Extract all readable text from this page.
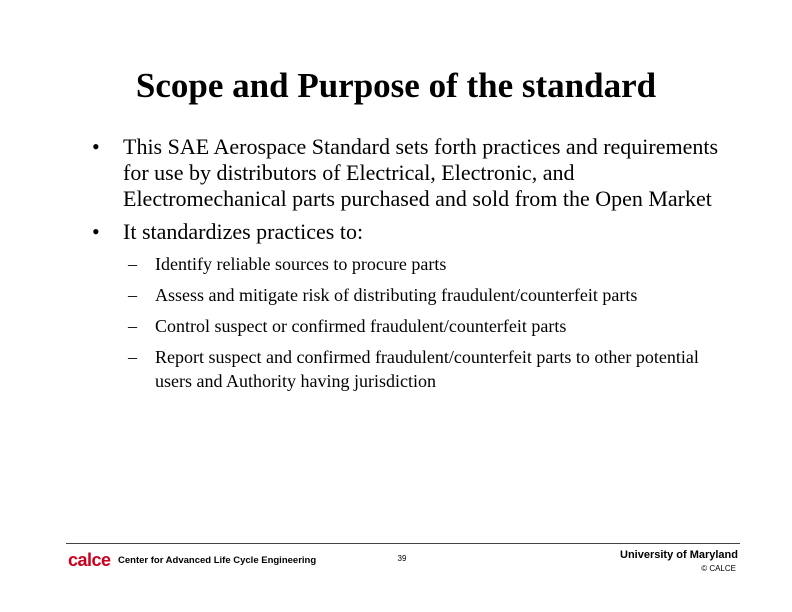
Scope and Purpose of the standard
•	This SAE Aerospace Standard sets forth practices and requirements for use by distributors of Electrical, Electronic, and Electromechanical parts purchased and sold from the Open Market
•	It standardizes practices to:
–	Identify reliable sources to procure parts
–	Assess and mitigate risk of distributing fraudulent/counterfeit parts
–	Control suspect or confirmed fraudulent/counterfeit parts
–	Report suspect and confirmed fraudulent/counterfeit parts to other potential users and Authority having jurisdiction
calce Center for Advanced Life Cycle Engineering	39	University of Maryland
© CALCE
